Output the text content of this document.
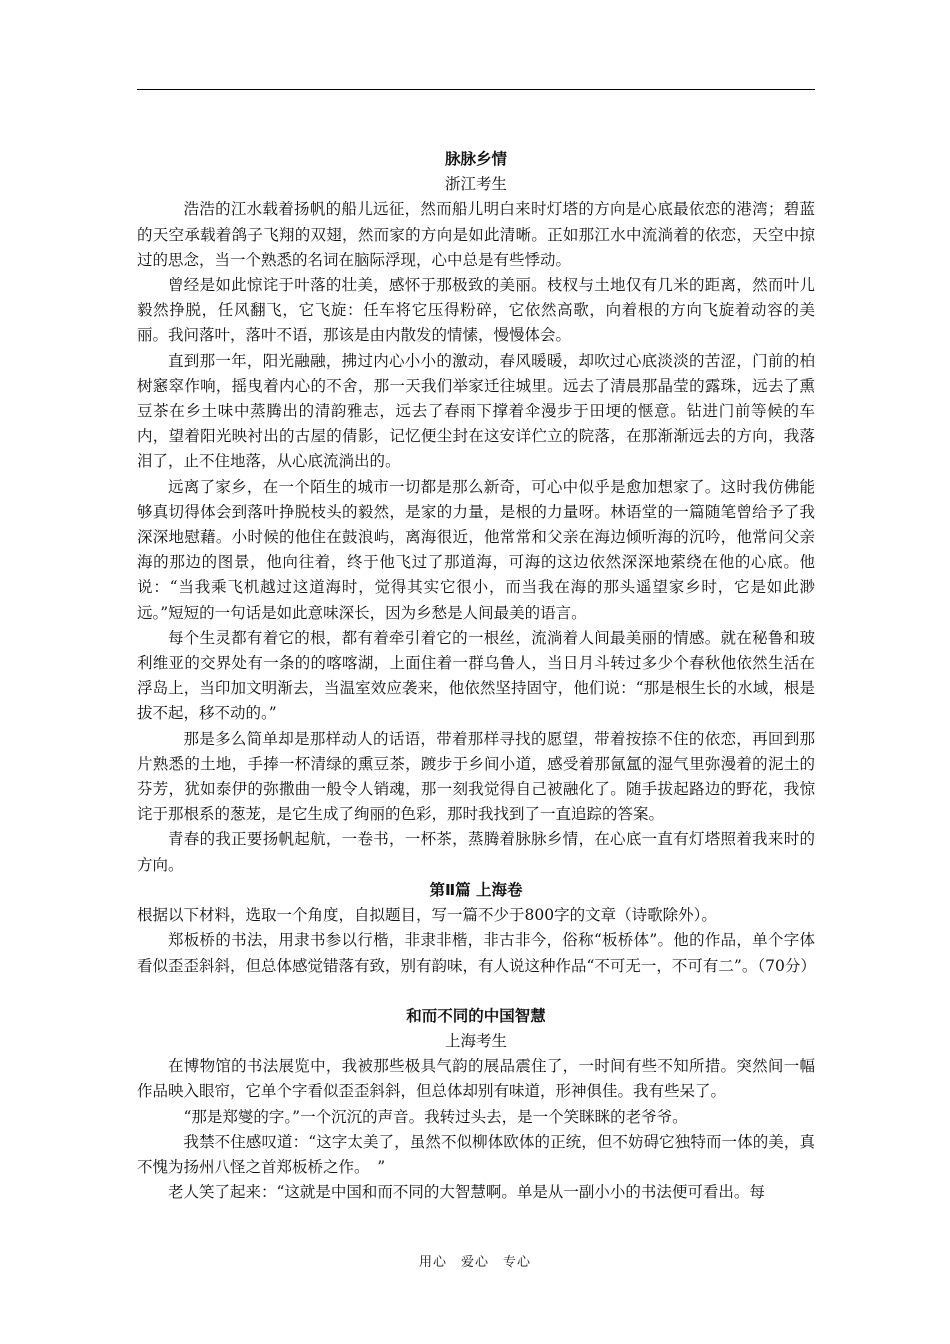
脉脉乡情
浙江考生

浩浩的江水载着扬帆的船儿远征，然而船儿明白来时灯塔的方向是心底最依恋的港湾；碧蓝的天空承载着鸽子飞翔的双翅，然而家的方向是如此清晰。正如那江水中流淌着的依恋，天空中掠过的思念，当一个熟悉的名词在脑际浮现，心中总是有些悸动。

曾经是如此惊诧于叶落的壮美，感怀于那极致的美丽。枝杈与土地仅有几米的距离，然而叶儿毅然挣脱，任风翻飞，它飞旋：任车将它压得粉碎，它依然高歌，向着根的方向飞旋着动容的美丽。我问落叶，落叶不语，那该是由内散发的情愫，慢慢体会。

直到那一年，阳光融融，拂过内心小小的激动，春风暖暖，却吹过心底淡淡的苦涩，门前的柏树窸窣作响，摇曳着内心的不舍，那一天我们举家迁往城里。远去了清晨那晶莹的露珠，远去了熏豆茶在乡土味中蒸腾出的清韵雅志，远去了春雨下撑着伞漫步于田埂的惬意。钻进门前等候的车内，望着阳光映衬出的古屋的倩影，记忆便尘封在这安详伫立的院落，在那渐渐远去的方向，我落泪了，止不住地落，从心底流淌出的。

远离了家乡，在一个陌生的城市一切都是那么新奇，可心中似乎是愈加想家了。这时我仿佛能够真切得体会到落叶挣脱枝头的毅然，是家的力量，是根的力量呀。林语堂的一篇随笔曾给予了我深深地慰藉。小时候的他住在鼓浪屿，离海很近，他常常和父亲在海边倾听海的沉吟，他常问父亲海的那边的图景，他向往着，终于他飞过了那道海，可海的这边依然深深地萦绕在他的心底。他说：“当我乘飞机越过这道海时，觉得其实它很小，而当我在海的那头遥望家乡时，它是如此渺远。”短短的一句话是如此意味深长，因为乡愁是人间最美的语言。

每个生灵都有着它的根，都有着牵引着它的一根丝，流淌着人间最美丽的情感。就在秘鲁和玻利维亚的交界处有一条的的喀喀湖，上面住着一群乌鲁人，当日月斗转过多少个春秋他依然生活在浮岛上，当印加文明渐去，当温室效应袭来，他依然坚持固守，他们说：“那是根生长的水域，根是拔不起，移不动的。”

那是多么简单却是那样动人的话语，带着那样寻找的愿望，带着按捺不住的依恋，再回到那片熟悉的土地，手捧一杯清绿的熏豆茶，踱步于乡间小道，感受着那氤氲的湿气里弥漫着的泥土的芬芳，犹如泰伊的弥撒曲一般令人销魂，那一刻我觉得自己被融化了。随手拔起路边的野花，我惊诧于那根系的葱茏，是它生成了绚丽的色彩，那时我找到了一直追踪的答案。

青春的我正要扬帆起航，一卷书，一杯茶，蒸腾着脉脉乡情，在心底一直有灯塔照着我来时的方向。

第Ⅱ篇 上海卷

根据以下材料，选取一个角度，自拟题目，写一篇不少于800字的文章（诗歌除外）。

郑板桥的书法，用隶书参以行楷，非隶非楷，非古非今，俗称“板桥体”。他的作品，单个字体看似歪歪斜斜，但总体感觉错落有致，别有韵味，有人说这种作品“不可无一，不可有二”。（70分）

和而不同的中国智慧
上海考生

在博物馆的书法展览中，我被那些极具气韵的展品震住了，一时间有些不知所措。突然间一幅作品映入眼帘，它单个字看似歪歪斜斜，但总体却别有味道，形神俱佳。我有些呆了。

“那是郑燮的字。”一个沉沉的声音。我转过头去，是一个笑眯眯的老爷爷。

我禁不住感叹道：“这字太美了，虽然不似柳体欧体的正统，但不妨碍它独特而一体的美，真不愧为扬州八怪之首郑板桥之作。　”

老人笑了起来：“这就是中国和而不同的大智慧啊。单是从一副小小的书法便可看出。每

用心　爱心　专心
